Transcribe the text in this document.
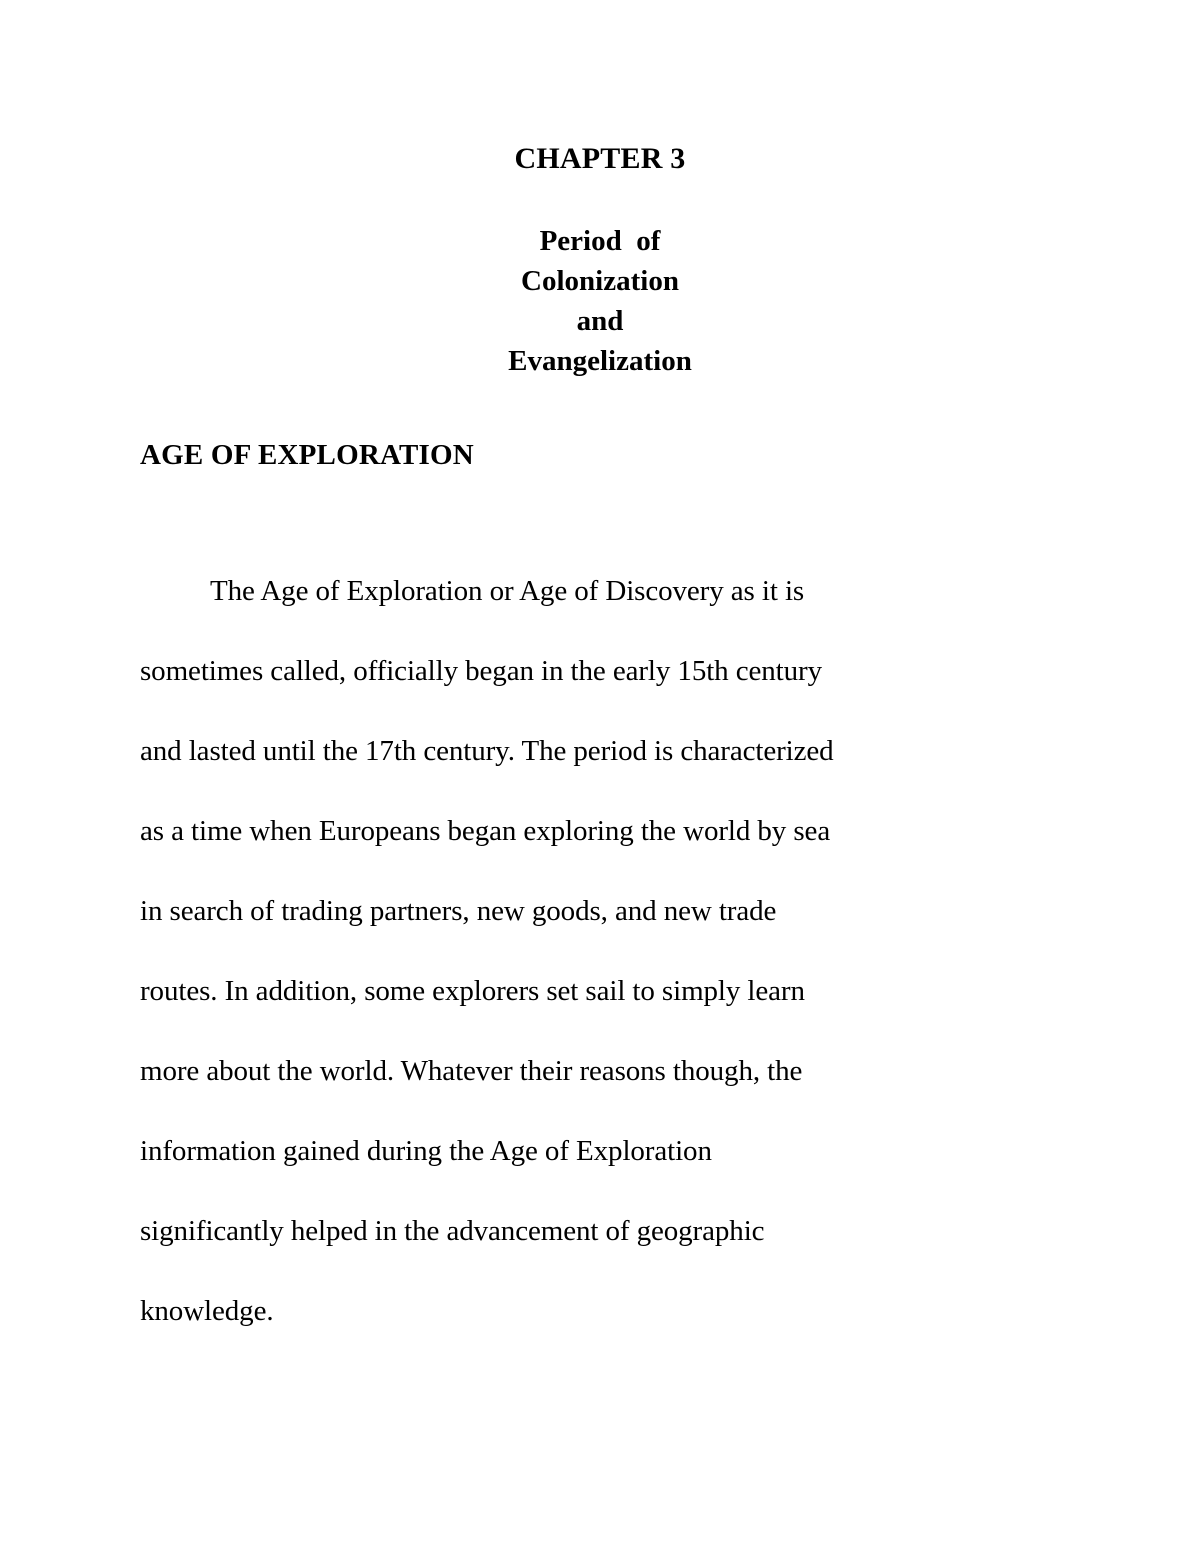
CHAPTER 3
Period  of
Colonization
and
Evangelization
AGE OF EXPLORATION

The Age of Exploration or Age of Discovery as it is

sometimes called, officially began in the early 15th century

and lasted until the 17th century. The period is characterized

as a time when Europeans began exploring the world by sea

in search of trading partners, new goods, and new trade

routes. In addition, some explorers set sail to simply learn

more about the world. Whatever their reasons though, the

information gained during the Age of Exploration

significantly helped in the advancement of geographic

knowledge.
